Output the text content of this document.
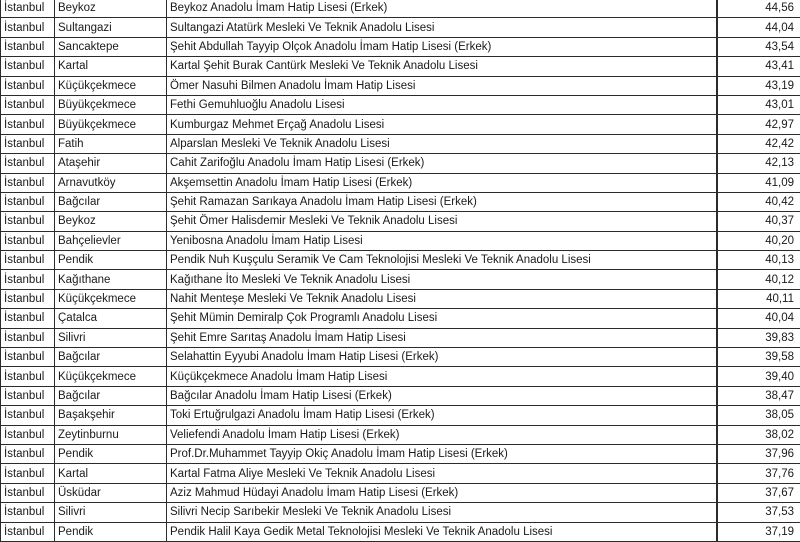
İstanbul	Beykoz	Beykoz Anadolu İmam Hatip Lisesi (Erkek)		44,56
İstanbul	Sultangazi	Sultangazi Atatürk Mesleki Ve Teknik Anadolu Lisesi		44,04
İstanbul	Sancaktepe	Şehit Abdullah Tayyip Olçok Anadolu İmam Hatip Lisesi (Erkek)		43,54
İstanbul	Kartal	Kartal Şehit Burak Cantürk Mesleki Ve Teknik Anadolu Lisesi		43,41
İstanbul	Küçükçekmece	Ömer Nasuhi Bilmen Anadolu İmam Hatip Lisesi		43,19
İstanbul	Büyükçekmece	Fethi Gemuhluoğlu Anadolu Lisesi		43,01
İstanbul	Büyükçekmece	Kumburgaz Mehmet Erçağ Anadolu Lisesi		42,97
İstanbul	Fatih	Alparslan Mesleki Ve Teknik Anadolu Lisesi		42,42
İstanbul	Ataşehir	Cahit Zarifoğlu Anadolu İmam Hatip Lisesi (Erkek)		42,13
İstanbul	Arnavutköy	Akşemsettin Anadolu İmam Hatip Lisesi (Erkek)		41,09
İstanbul	Bağcılar	Şehit Ramazan Sarıkaya Anadolu İmam Hatip Lisesi (Erkek)		40,42
İstanbul	Beykoz	Şehit Ömer Halisdemir Mesleki Ve Teknik Anadolu Lisesi		40,37
İstanbul	Bahçelievler	Yenibosna Anadolu İmam Hatip Lisesi		40,20
İstanbul	Pendik	Pendik Nuh Kuşçulu Seramik Ve Cam Teknolojisi Mesleki Ve Teknik Anadolu Lisesi		40,13
İstanbul	Kağıthane	Kağıthane İto Mesleki Ve Teknik Anadolu Lisesi		40,12
İstanbul	Küçükçekmece	Nahit Menteşe Mesleki Ve Teknik Anadolu Lisesi		40,11
İstanbul	Çatalca	Şehit Mümin Demiralp Çok Programlı Anadolu Lisesi		40,04
İstanbul	Silivri	Şehit Emre Sarıtaş Anadolu İmam Hatip Lisesi		39,83
İstanbul	Bağcılar	Selahattin Eyyubi Anadolu İmam Hatip Lisesi (Erkek)		39,58
İstanbul	Küçükçekmece	Küçükçekmece Anadolu İmam Hatip Lisesi		39,40
İstanbul	Bağcılar	Bağcılar Anadolu İmam Hatip Lisesi (Erkek)		38,47
İstanbul	Başakşehir	Toki Ertuğrulgazi Anadolu İmam Hatip Lisesi (Erkek)		38,05
İstanbul	Zeytinburnu	Veliefendi Anadolu İmam Hatip Lisesi (Erkek)		38,02
İstanbul	Pendik	Prof.Dr.Muhammet Tayyip Okiç Anadolu İmam Hatip Lisesi (Erkek)		37,96
İstanbul	Kartal	Kartal Fatma Aliye Mesleki Ve Teknik Anadolu Lisesi		37,76
İstanbul	Üsküdar	Aziz Mahmud Hüdayi Anadolu İmam Hatip Lisesi (Erkek)		37,67
İstanbul	Silivri	Silivri Necip Sarıbekir Mesleki Ve Teknik Anadolu Lisesi		37,53
İstanbul	Pendik	Pendik Halil Kaya Gedik Metal Teknolojisi Mesleki Ve Teknik Anadolu Lisesi		37,19
